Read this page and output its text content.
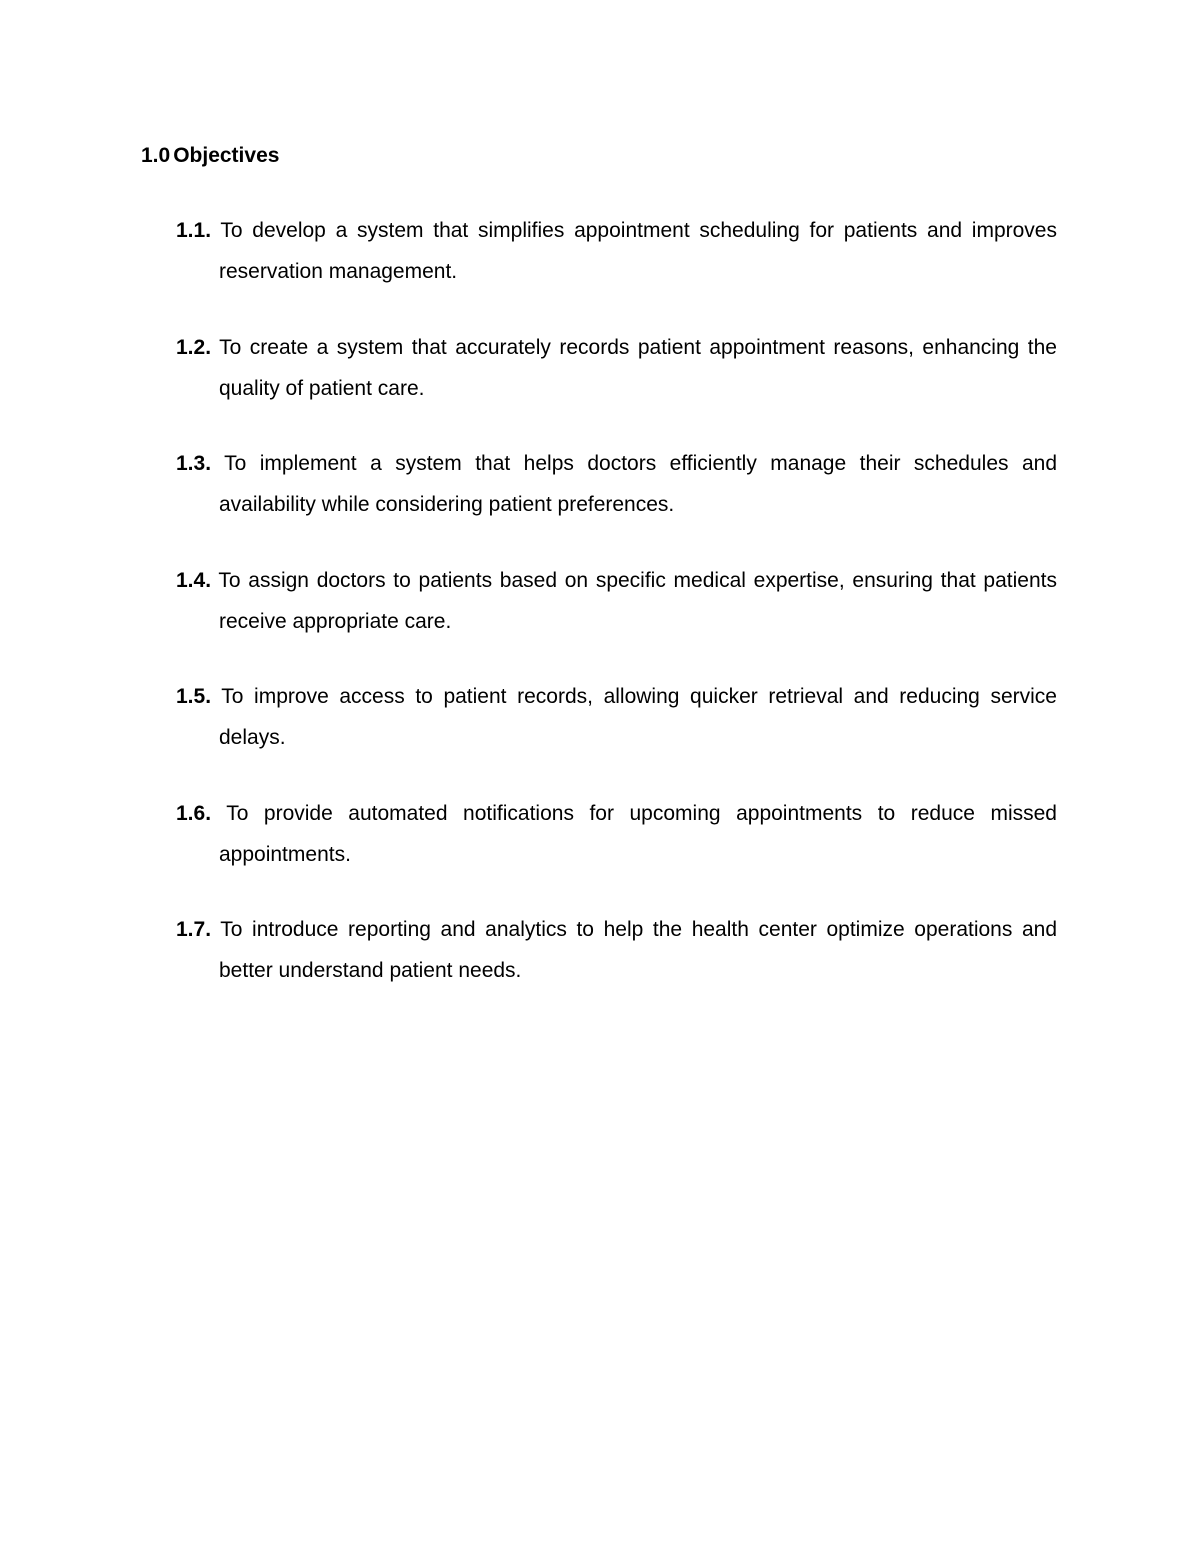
1.0 Objectives

1.1. To develop a system that simplifies appointment scheduling for patients and improves reservation management.

1.2. To create a system that accurately records patient appointment reasons, enhancing the quality of patient care.

1.3. To implement a system that helps doctors efficiently manage their schedules and availability while considering patient preferences.

1.4. To assign doctors to patients based on specific medical expertise, ensuring that patients receive appropriate care.

1.5. To improve access to patient records, allowing quicker retrieval and reducing service delays.

1.6. To provide automated notifications for upcoming appointments to reduce missed appointments.

1.7. To introduce reporting and analytics to help the health center optimize operations and better understand patient needs.
